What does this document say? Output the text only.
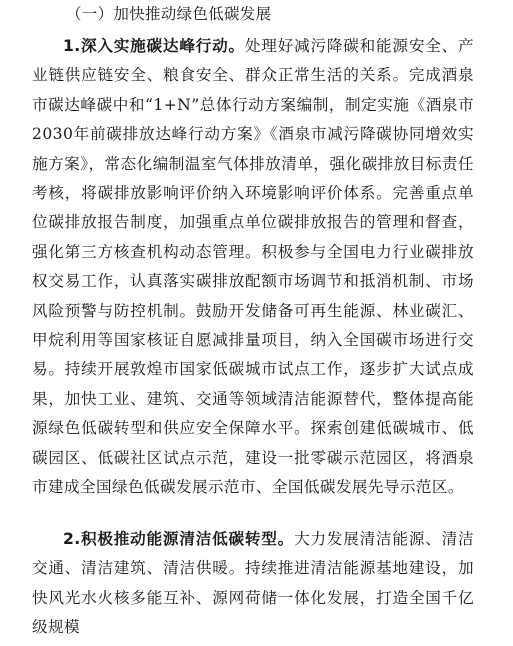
（一）加快推动绿色低碳发展

1.深入实施碳达峰行动。处理好减污降碳和能源安全、产业链供应链安全、粮食安全、群众正常生活的关系。完成酒泉市碳达峰碳中和“1+N”总体行动方案编制，制定实施《酒泉市2030年前碳排放达峰行动方案》《酒泉市减污降碳协同增效实施方案》，常态化编制温室气体排放清单，强化碳排放目标责任考核，将碳排放影响评价纳入环境影响评价体系。完善重点单位碳排放报告制度，加强重点单位碳排放报告的管理和督查，强化第三方核查机构动态管理。积极参与全国电力行业碳排放权交易工作，认真落实碳排放配额市场调节和抵消机制、市场风险预警与防控机制。鼓励开发储备可再生能源、林业碳汇、甲烷利用等国家核证自愿减排量项目，纳入全国碳市场进行交易。持续开展敦煌市国家低碳城市试点工作，逐步扩大试点成果，加快工业、建筑、交通等领域清洁能源替代，整体提高能源绿色低碳转型和供应安全保障水平。探索创建低碳城市、低碳园区、低碳社区试点示范，建设一批零碳示范园区，将酒泉市建成全国绿色低碳发展示范市、全国低碳发展先导示范区。

2.积极推动能源清洁低碳转型。大力发展清洁能源、清洁交通、清洁建筑、清洁供暖。持续推进清洁能源基地建设，加快风光水火核多能互补、源网荷储一体化发展，打造全国千亿级规模
